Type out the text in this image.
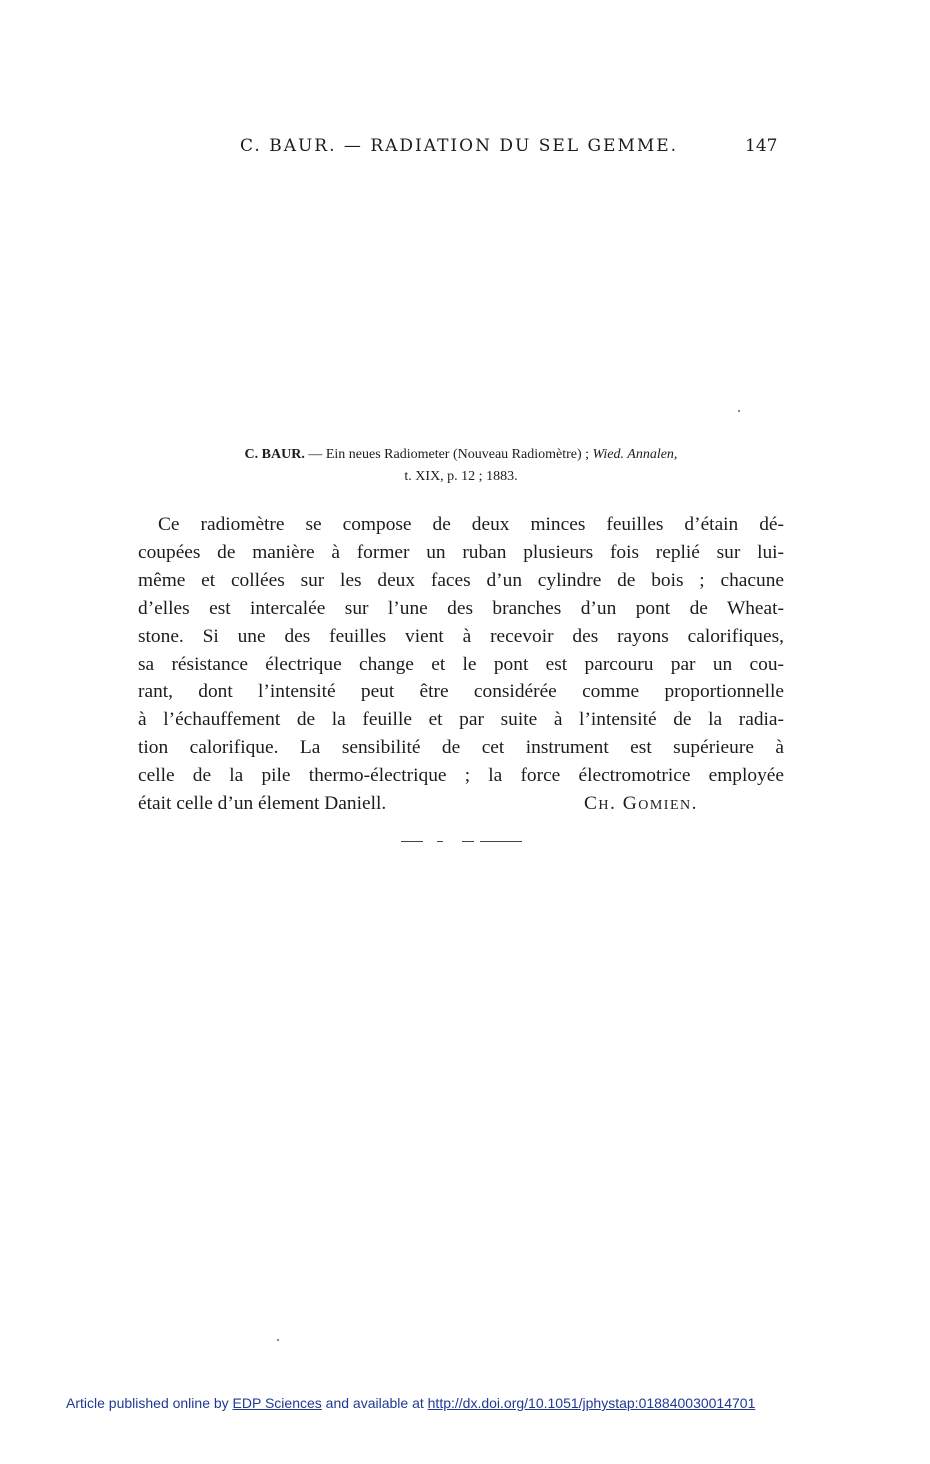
C. BAUR. — RADIATION DU SEL GEMME.	147
C. BAUR. — Ein neues Radiometer (Nouveau Radiomètre) ; Wied. Annalen,
t. XIX, p. 12 ; 1883.
Ce radiomètre se compose de deux minces feuilles d’étain dé-
coupées de manière à former un ruban plusieurs fois replié sur lui-
même et collées sur les deux faces d’un cylindre de bois ; chacune
d’elles est intercalée sur l’une des branches d’un pont de Wheat-
stone. Si une des feuilles vient à recevoir des rayons calorifiques,
sa résistance électrique change et le pont est parcouru par un cou-
rant, dont l’intensité peut être considérée comme proportionnelle
à l’échauffement de la feuille et par suite à l’intensité de la radia-
tion calorifique. La sensibilité de cet instrument est supérieure à
celle de la pile thermo-électrique ; la force électromotrice employée
était celle d’un élement Daniell.	Ch. Gomien.
Article published online by EDP Sciences and available at http://dx.doi.org/10.1051/jphystap:018840030014701
